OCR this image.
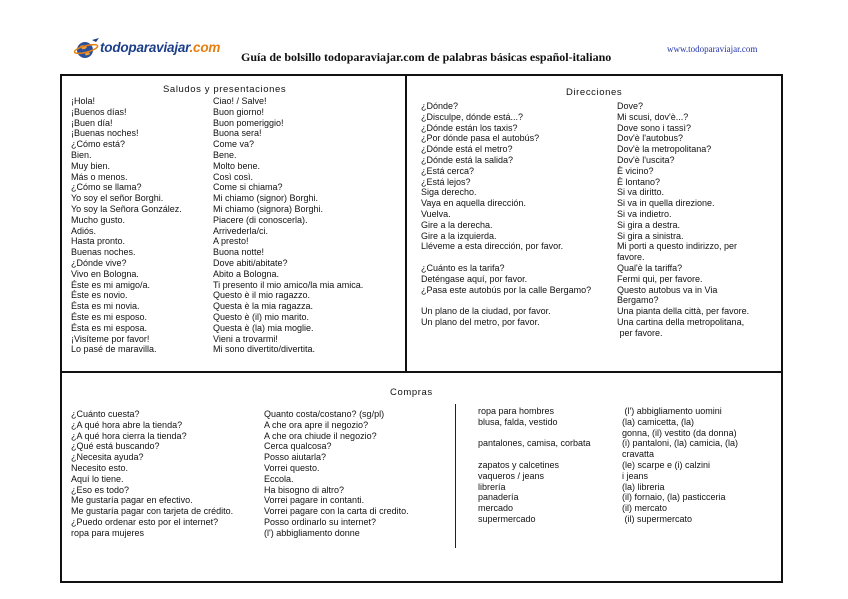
todoparaviajar.com
Guía de bolsillo todoparaviajar.com de palabras básicas español-italiano
www.todoparaviajar.com
Saludos y presentaciones	Direcciones
Compras
¡Hola!	Ciao! / Salve!
¡Buenos días!	Buon giorno!
¡Buen día!	Buon pomeriggio!
¡Buenas noches!	Buona sera!
¿Cómo está?	Come va?
Bien.	Bene.
Muy bien.	Molto bene.
Más o menos.	Così così.
¿Cómo se llama?	Come si chiama?
Yo soy el señor Borghi.	Mi chiamo (signor) Borghi.
Yo soy la Señora González.	Mi chiamo (signora) Borghi.
Mucho gusto.	Piacere (di conoscerla).
Adiós.	Arrivederla/ci.
Hasta pronto.	A presto!
Buenas noches.	Buona notte!
¿Dónde vive?	Dove abiti/abitate?
Vivo en Bologna.	Abito a Bologna.
Éste es mi amigo/a.	Ti presento il mio amico/la mia amica.
Éste es novio.	Questo è il mio ragazzo.
Ésta es mi novia.	Questa è la mia ragazza.
Éste es mi esposo.	Questo è (il) mio marito.
Ésta es mi esposa.	Questa è (la) mia moglie.
¡Visíteme por favor!	Vieni a trovarmi!
Lo pasé de maravilla.	Mi sono divertito/divertita.
¿Dónde?	Dove?
¿Disculpe, dónde está...?	Mi scusi, dov'è...?
¿Dónde están los taxis?	Dove sono i tassì?
¿Por dónde pasa el autobús?	Dov'è l'autobus?
¿Dónde está el metro?	Dov'è la metropolitana?
¿Dónde está la salida?	Dov'è l'uscita?
¿Está cerca?	È vicino?
¿Está lejos?	È lontano?
Siga derecho.	Si va diritto.
Vaya en aquella dirección.	Si va in quella direzione.
Vuelva.	Si va indietro.
Gire a la derecha.	Si gira a destra.
Gire a la izquierda.	Si gira a sinistra.
Lléveme a esta dirección, por favor.	Mi porti a questo indirizzo, per
favore.
¿Cuánto es la tarifa?	Qual'è la tariffa?
Deténgase aquí, por favor.	Fermi qui, per favore.
¿Pasa este autobús por la calle Bergamo?	Questo autobus va in Via
Bergamo?
Un plano de la ciudad, por favor.	Una pianta della città, per favore.
Un plano del metro, por favor.	Una cartina della metropolitana,
per favore.
¿Cuánto cuesta?	Quanto costa/costano? (sg/pl)
¿A qué hora abre la tienda?	A che ora apre il negozio?
¿A qué hora cierra la tienda?	A che ora chiude il negozio?
¿Qué está buscando?	Cerca qualcosa?
¿Necesita ayuda?	Posso aiutarla?
Necesito esto.	Vorrei questo.
Aquí lo tiene.	Eccola.
¿Eso es todo?	Ha bisogno di altro?
Me gustaría pagar en efectivo.	Vorrei pagare in contanti.
Me gustaría pagar con tarjeta de crédito.	Vorrei pagare con la carta di credito.
¿Puedo ordenar esto por el internet?	Posso ordinarlo su internet?
ropa para mujeres	(l') abbigliamento donne
ropa para hombres	(l') abbigliamento uomini
blusa, falda, vestido	(la) camicetta, (la)
gonna, (il) vestito (da donna)
pantalones, camisa, corbata	(i) pantaloni, (la) camicia, (la)
cravatta
zapatos y calcetines	(le) scarpe e (i) calzini
vaqueros / jeans	i jeans
librería	(la) libreria
panadería	(il) fornaio, (la) pasticceria
mercado	(il) mercato
supermercado	(il) supermercato
